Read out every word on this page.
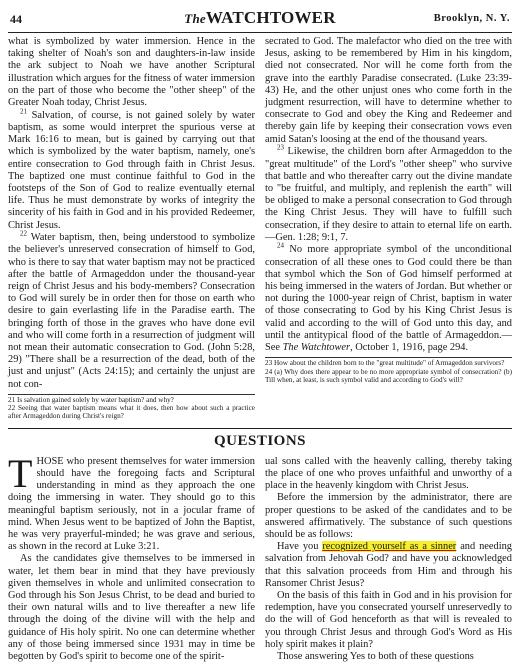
44	TheWATCHTOWER	Brooklyn, N. Y.

what is symbolized by water immersion. Hence in the taking shelter of Noah's son and daughters-in-law inside the ark subject to Noah we have another Scriptural illustration which argues for the fitness of water immersion on the part of those who become the "other sheep" of the Greater Noah today, Christ Jesus.

$^{21}$ Salvation, of course, is not gained solely by water baptism, as some would interpret the spurious verse at Mark 16:16 to mean, but is gained by carrying out that which is symbolized by the water baptism, namely, one's entire consecration to God through faith in Christ Jesus. The baptized one must continue faithful to God in the footsteps of the Son of God to realize eventually eternal life. Thus he must demonstrate by works of integrity the sincerity of his faith in God and in his provided Redeemer, Christ Jesus.

$^{22}$ Water baptism, then, being understood to symbolize the believer's unreserved consecration of himself to God, who is there to say that water baptism may not be practiced after the battle of Armageddon under the thousand-year reign of Christ Jesus and his body-members? Consecration to God will surely be in order then for those on earth who desire to gain everlasting life in the Paradise earth. The bringing forth of those in the graves who have done evil and who will come forth in a resurrection of judgment will not mean their automatic consecration to God. (John 5:28, 29) "There shall be a resurrection of the dead, both of the just and unjust" (Acts 24:15); and certainly the unjust are not con-

21 Is salvation gained solely by water baptism? and why?
22 Seeing that water baptism means what it does, then how about such a practice after Armageddon during Christ's reign?

secrated to God. The malefactor who died on the tree with Jesus, asking to be remembered by Him in his kingdom, died not consecrated. Nor will he come forth from the grave into the earthly Paradise consecrated. (Luke 23:39-43) He, and the other unjust ones who come forth in the judgment resurrection, will have to determine whether to consecrate to God and obey the King and Redeemer and thereby gain life by keeping their consecration vows even amid Satan's loosing at the end of the thousand years.

$^{23}$ Likewise, the children born after Armageddon to the "great multitude" of the Lord's "other sheep" who survive that battle and who thereafter carry out the divine mandate to "be fruitful, and multiply, and replenish the earth" will be obliged to make a personal consecration to God through the King Christ Jesus. They will have to fulfill such consecration, if they desire to attain to eternal life on earth.—Gen. 1:28; 9:1, 7.

$^{24}$ No more appropriate symbol of the unconditional consecration of all these ones to God could there be than that symbol which the Son of God himself performed at his being immersed in the waters of Jordan. But whether or not during the 1000-year reign of Christ, baptism in water of those consecrating to God by his King Christ Jesus is valid and according to the will of God unto this day, and until the antitypical flood of the battle of Armageddon.—See The Watchtower, October 1, 1916, page 294.

23 How about the children born to the "great multitude" of Armageddon survivors?
24 (a) Why does there appear to be no more appropriate symbol of consecration? (b) Till when, at least, is such symbol valid and according to God's will?
QUESTIONS

THOSE who present themselves for water immersion should have the foregoing facts and Scriptural understanding in mind as they approach the one doing the immersing in water. They should go to this meaningful baptism seriously, not in a jocular frame of mind. When Jesus went to be baptized of John the Baptist, he was very prayerful-minded; he was grave and serious, as shown in the record at Luke 3:21.

As the candidates give themselves to be immersed in water, let them bear in mind that they have previously given themselves in whole and unlimited consecration to God through his Son Jesus Christ, to be dead and buried to their own natural wills and to live thereafter a new life through the doing of the divine will with the help and guidance of His holy spirit. No one can determine whether any of those being immersed since 1931 may in time be begotten by God's spirit to become one of the spirit-

ual sons called with the heavenly calling, thereby taking the place of one who proves unfaithful and unworthy of a place in the heavenly kingdom with Christ Jesus.

Before the immersion by the administrator, there are proper questions to be asked of the candidates and to be answered affirmatively. The substance of such questions should be as follows:

Have you recognized yourself as a sinner and needing salvation from Jehovah God? and have you acknowledged that this salvation proceeds from Him and through his Ransomer Christ Jesus?

On the basis of this faith in God and in his provision for redemption, have you consecrated yourself unreservedly to do the will of God henceforth as that will is revealed to you through Christ Jesus and through God's Word as His holy spirit makes it plain?

Those answering Yes to both of these questions
